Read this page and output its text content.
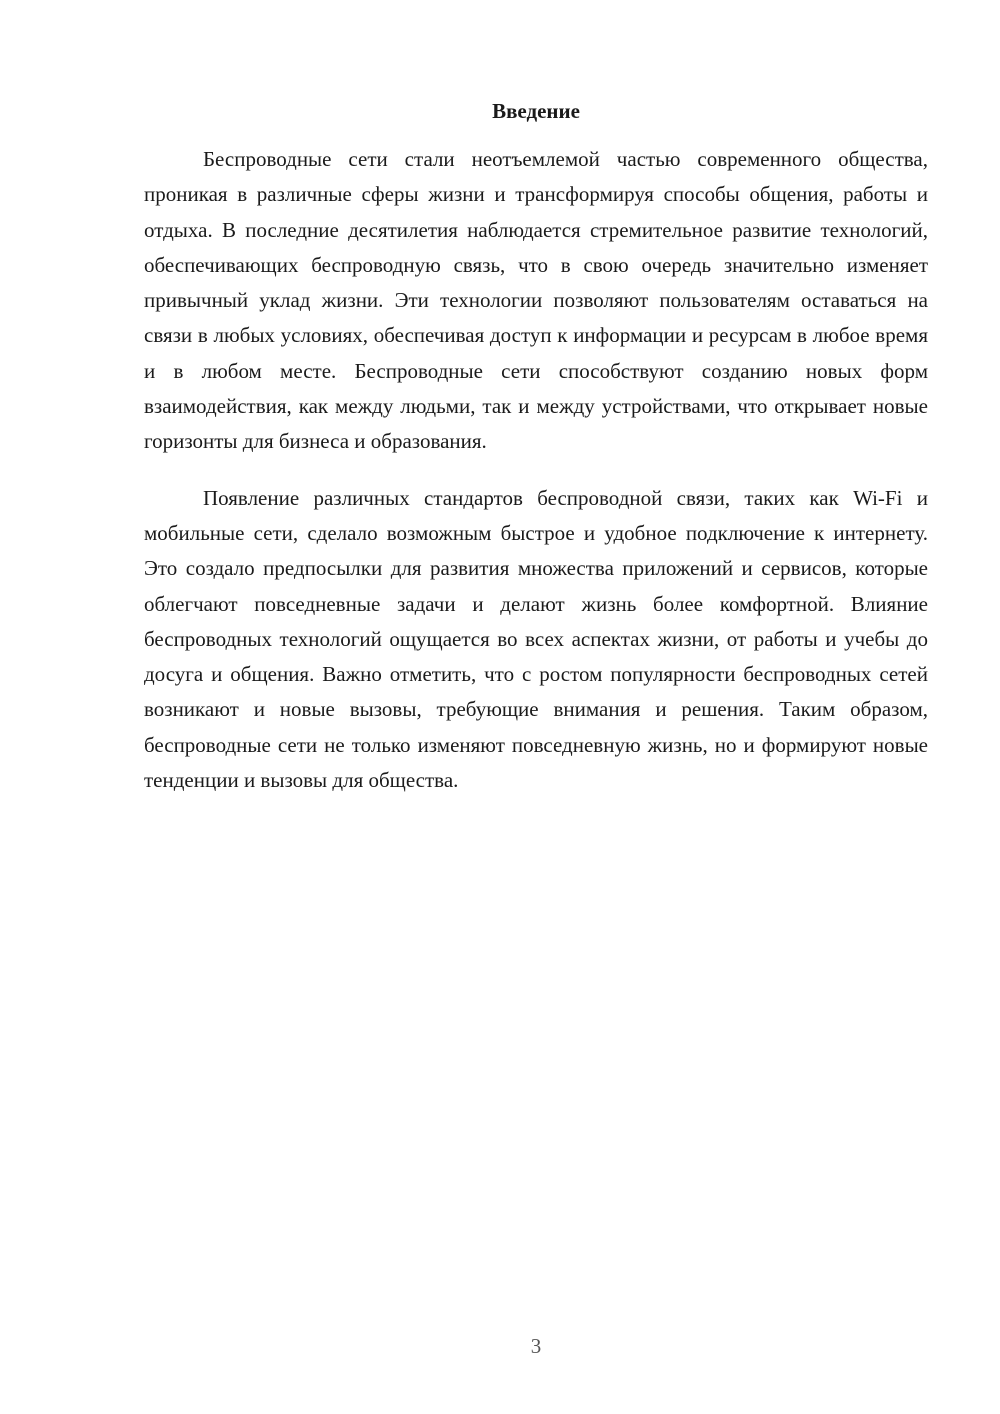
Введение

Беспроводные сети стали неотъемлемой частью современного общества, проникая в различные сферы жизни и трансформируя способы общения, работы и отдыха. В последние десятилетия наблюдается стремительное развитие технологий, обеспечивающих беспроводную связь, что в свою очередь значительно изменяет привычный уклад жизни. Эти технологии позволяют пользователям оставаться на связи в любых условиях, обеспечивая доступ к информации и ресурсам в любое время и в любом месте. Беспроводные сети способствуют созданию новых форм взаимодействия, как между людьми, так и между устройствами, что открывает новые горизонты для бизнеса и образования.

Появление различных стандартов беспроводной связи, таких как Wi-Fi и мобильные сети, сделало возможным быстрое и удобное подключение к интернету. Это создало предпосылки для развития множества приложений и сервисов, которые облегчают повседневные задачи и делают жизнь более комфортной. Влияние беспроводных технологий ощущается во всех аспектах жизни, от работы и учебы до досуга и общения. Важно отметить, что с ростом популярности беспроводных сетей возникают и новые вызовы, требующие внимания и решения. Таким образом, беспроводные сети не только изменяют повседневную жизнь, но и формируют новые тенденции и вызовы для общества.

3
